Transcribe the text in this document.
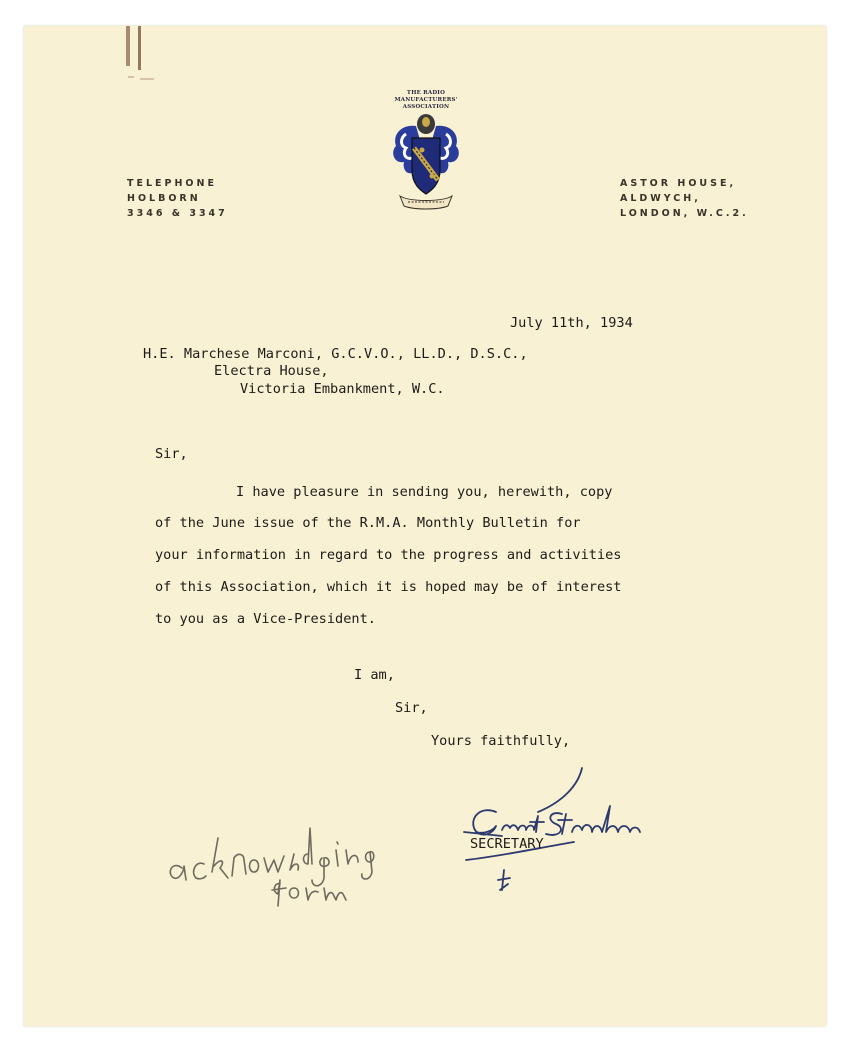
TELEPHONE
HOLBORN
3346 & 3347
THE RADIO MANUFACTURERS' ASSOCIATION
ASTOR HOUSE,
ALDWYCH,
LONDON, W.C.2.
July 11th, 1934
H.E. Marchese Marconi, G.C.V.O., LL.D., D.S.C.,
Electra House,
Victoria Embankment, W.C.
Sir,
I have pleasure in sending you, herewith, copy
of the June issue of the R.M.A. Monthly Bulletin for
your information in regard to the progress and activities
of this Association, which it is hoped may be of interest
to you as a Vice-President.
I am,
Sir,
Yours faithfully,
SECRETARY
